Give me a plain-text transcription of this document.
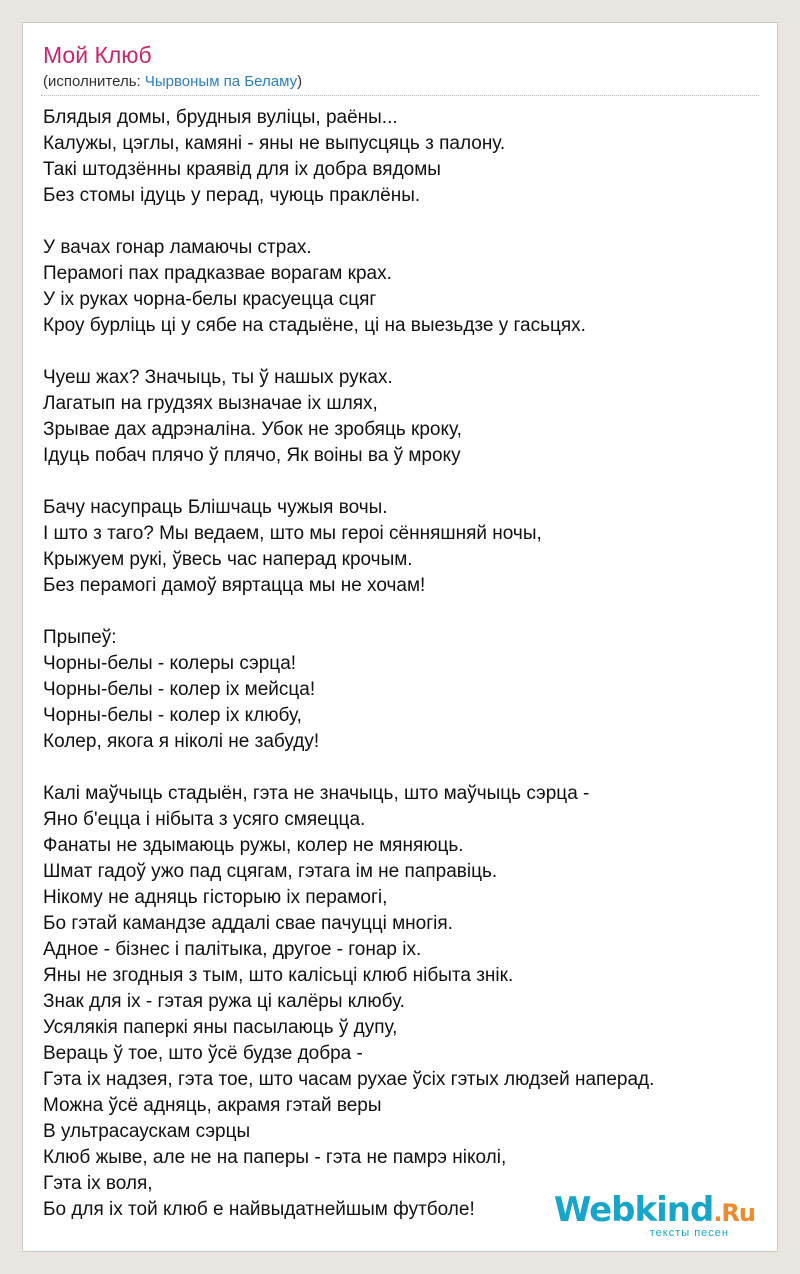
Мой Клюб
(исполнитель: Чырвоным па Беламу)
Блядыя домы, брудныя вуліцы, раёны...
Калужы, цэглы, камяні - яны не выпусцяць з палону.
Такі штодзённы краявід для іх добра вядомы
Без стомы ідуць у перад, чуюць праклёны.
У вачах гонар ламаючы страх.
Перамогі пах прадказвае ворагам крах.
У іх руках чорна-белы красуецца сцяг
Кроу бурліць ці у сябе на стадыёне, ці на выезьдзе у гасьцях.
Чуеш жах? Значыць, ты ў нашых руках.
Лагатып на грудзях вызначае іх шлях,
Зрывае дах адрэналіна. Убок не зробяць кроку,
Ідуць побач плячо ў плячо, Як воіны ва ў мроку
Бачу насупраць Блішчаць чужыя вочы.
І што з таго? Мы ведаем, што мы героі сённяшняй ночы,
Крыжуем рукі, ўвесь час наперад крочым.
Без перамогі дамоў вяртацца мы не хочам!
Прыпеў:
Чорны-белы - колеры сэрца!
Чорны-белы - колер іх мейсца!
Чорны-белы - колер іх клюбу,
Колер, якога я ніколі не забуду!
Калі маўчыць стадыён, гэта не значыць, што маўчыць сэрца -
Яно б'ецца і нібыта з усяго смяецца.
Фанаты не здымаюць ружы, колер не мяняюць.
Шмат гадоў ужо пад сцягам, гэтага ім не паправіць.
Нікому не адняць гісторыю іх перамогі,
Бо гэтай камандзе аддалі свае пачуцці многія.
Адное - бізнес і палітыка, другое - гонар іх.
Яны не згодныя з тым, што калісьці клюб нібыта знік.
Знак для іх - гэтая ружа ці калёры клюбу.
Усялякія паперкі яны пасылаюць ў дупу,
Вераць ў тое, што ўсё будзе добра -
Гэта іх надзея, гэта тое, што часам рухае ўсіх гэтых людзей наперад.
Можна ўсё адняць, акрамя гэтай веры
В ультрасаускам сэрцы
Клюб жыве, але не на паперы - гэта не памрэ ніколі,
Гэта іх воля,
Бо для іх той клюб е найвыдатнейшым футболе!	Webkind.Ru
тексты песен
